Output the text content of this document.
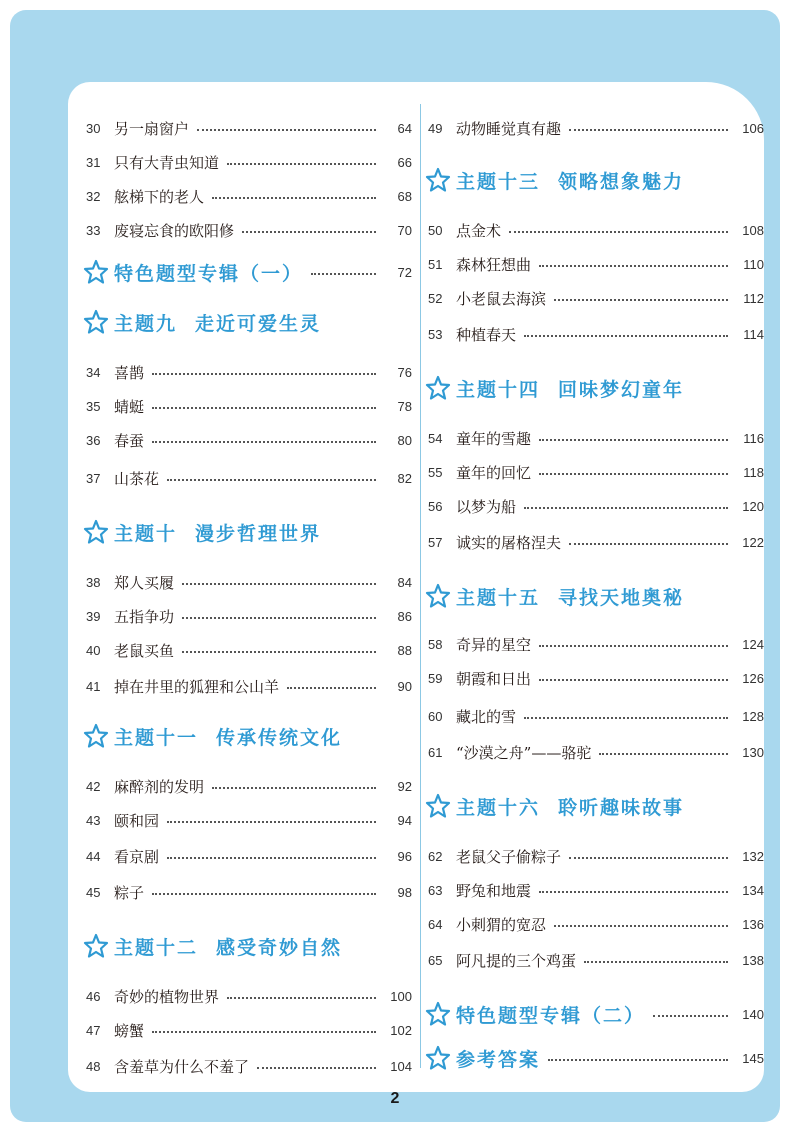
30 另一扇窗户	64
31 只有大青虫知道	66
32 舷梯下的老人	68
33 废寝忘食的欧阳修	70
特色题型专辑（一）	72
主题九 走近可爱生灵
34 喜鹊	76
35 蜻蜓	78
36 春蚕	80
37 山茶花	82
主题十 漫步哲理世界
38 郑人买履	84
39 五指争功	86
40 老鼠买鱼	88
41 掉在井里的狐狸和公山羊	90
主题十一 传承传统文化
42 麻醉剂的发明	92
43 颐和园	94
44 看京剧	96
45 粽子	98
主题十二 感受奇妙自然
46 奇妙的植物世界	100
47 螃蟹	102
48 含羞草为什么不羞了	104
49 动物睡觉真有趣	106
主题十三 领略想象魅力
50 点金术	108
51 森林狂想曲	110
52 小老鼠去海滨	112
53 种植春天	114
主题十四 回味梦幻童年
54 童年的雪趣	116
55 童年的回忆	118
56 以梦为船	120
57 诚实的屠格涅夫	122
主题十五 寻找天地奥秘
58 奇异的星空	124
59 朝霞和日出	126
60 藏北的雪	128
61 “沙漠之舟”——骆驼	130
主题十六 聆听趣味故事
62 老鼠父子偷粽子	132
63 野兔和地震	134
64 小刺猬的宽忍	136
65 阿凡提的三个鸡蛋	138
特色题型专辑（二）	140
参考答案	145
2
